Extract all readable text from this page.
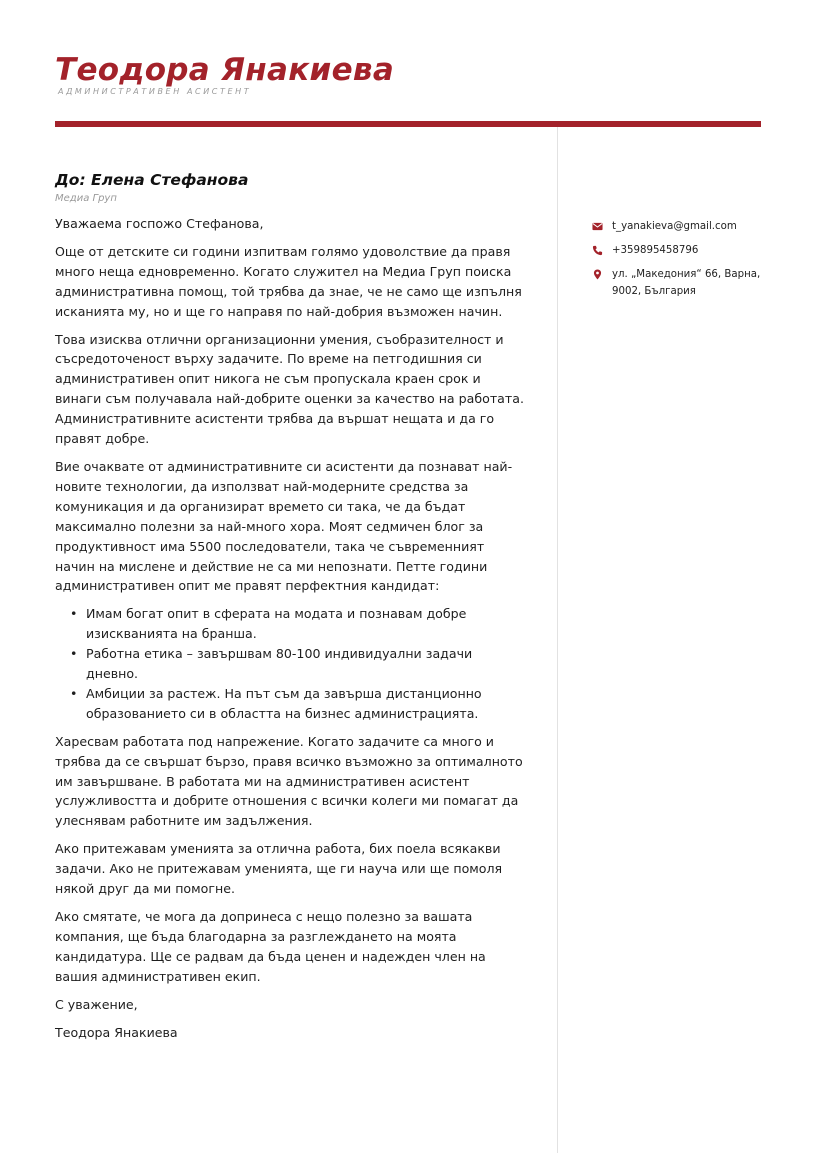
Теодора Янакиева
АДМИНИСТРАТИВЕН АСИСТЕНТ
До: Елена Стефанова
Медиа Груп

Уважаема госпожо Стефанова,

Още от детските си години изпитвам голямо удоволствие да правя много неща едновременно. Когато служител на Медиа Груп поиска административна помощ, той трябва да знае, че не само ще изпълня исканията му, но и ще го направя по най-добрия възможен начин.

Това изисква отлични организационни умения, съобразителност и съсредоточеност върху задачите. По време на петгодишния си административен опит никога не съм пропускала краен срок и винаги съм получавала най-добрите оценки за качество на работата. Административните асистенти трябва да вършат нещата и да го правят добре.

Вие очаквате от административните си асистенти да познават най-новите технологии, да използват най-модерните средства за комуникация и да организират времето си така, че да бъдат максимално полезни за най-много хора. Моят седмичен блог за продуктивност има 5500 последователи, така че съвременният начин на мислене и действие не са ми непознати. Петте години административен опит ме правят перфектния кандидат:

• Имам богат опит в сферата на модата и познавам добре изискванията на бранша.
• Работна етика – завършвам 80-100 индивидуални задачи дневно.
• Амбиции за растеж. На път съм да завърша дистанционно образованието си в областта на бизнес администрацията.

Харесвам работата под напрежение. Когато задачите са много и трябва да се свършат бързо, правя всичко възможно за оптималното им завършване. В работата ми на административен асистент услужливостта и добрите отношения с всички колеги ми помагат да улеснявам работните им задължения.

Ако притежавам уменията за отлична работа, бих поела всякакви задачи. Ако не притежавам уменията, ще ги науча или ще помоля някой друг да ми помогне.

Ако смятате, че мога да допринеса с нещо полезно за вашата компания, ще бъда благодарна за разглеждането на моята кандидатура. Ще се радвам да бъда ценен и надежден член на вашия административен екип.

С уважение,

Теодора Янакиева

t_yanakieva@gmail.com
+359895458796
ул. „Македония“ 66, Варна, 9002, България
